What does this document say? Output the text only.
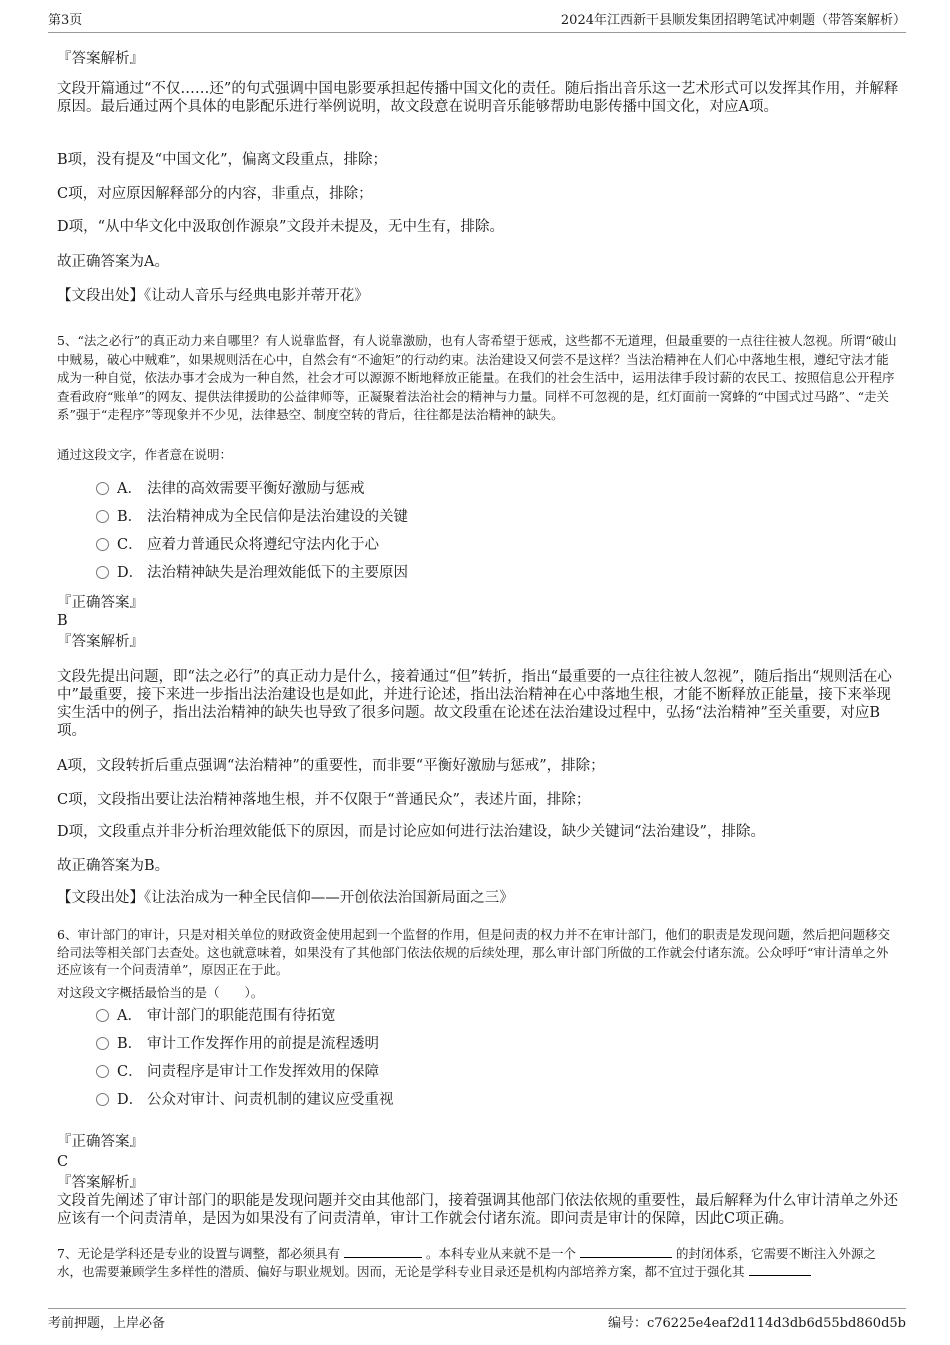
第3页	2024年江西新干县顺发集团招聘笔试冲刺题（带答案解析）
『答案解析』
文段开篇通过“不仅……还”的句式强调中国电影要承担起传播中国文化的责任。随后指出音乐这一艺术形式可以发挥其作用，并解释原因。最后通过两个具体的电影配乐进行举例说明，故文段意在说明音乐能够帮助电影传播中国文化，对应A项。
B项，没有提及“中国文化”，偏离文段重点，排除；
C项，对应原因解释部分的内容，非重点，排除；
D项，“从中华文化中汲取创作源泉”文段并未提及，无中生有，排除。
故正确答案为A。
【文段出处】《让动人音乐与经典电影并蒂开花》
5、“法之必行”的真正动力来自哪里？有人说靠监督，有人说靠激励，也有人寄希望于惩戒，这些都不无道理，但最重要的一点往往被人忽视。所谓“破山中贼易，破心中贼难”，如果规则活在心中，自然会有“不逾矩”的行动约束。法治建设又何尝不是这样？当法治精神在人们心中落地生根，遵纪守法才能成为一种自觉，依法办事才会成为一种自然，社会才可以源源不断地释放正能量。在我们的社会生活中，运用法律手段讨薪的农民工、按照信息公开程序查看政府“账单”的网友、提供法律援助的公益律师等，正凝聚着法治社会的精神与力量。同样不可忽视的是，红灯面前一窝蜂的“中国式过马路”、“走关系”强于“走程序”等现象并不少见，法律悬空、制度空转的背后，往往都是法治精神的缺失。
通过这段文字，作者意在说明：
A． 法律的高效需要平衡好激励与惩戒
B． 法治精神成为全民信仰是法治建设的关键
C． 应着力普通民众将遵纪守法内化于心
D． 法治精神缺失是治理效能低下的主要原因
『正确答案』
B
『答案解析』
文段先提出问题，即“法之必行”的真正动力是什么，接着通过“但”转折，指出“最重要的一点往往被人忽视”，随后指出“规则活在心中”最重要，接下来进一步指出法治建设也是如此，并进行论述，指出法治精神在心中落地生根，才能不断释放正能量，接下来举现实生活中的例子，指出法治精神的缺失也导致了很多问题。故文段重在论述在法治建设过程中，弘扬“法治精神”至关重要，对应B项。
A项，文段转折后重点强调“法治精神”的重要性，而非要“平衡好激励与惩戒”，排除；
C项，文段指出要让法治精神落地生根，并不仅限于“普通民众”，表述片面，排除；
D项，文段重点并非分析治理效能低下的原因，而是讨论应如何进行法治建设，缺少关键词“法治建设”，排除。
故正确答案为B。
【文段出处】《让法治成为一种全民信仰——开创依法治国新局面之三》
6、审计部门的审计，只是对相关单位的财政资金使用起到一个监督的作用，但是问责的权力并不在审计部门，他们的职责是发现问题，然后把问题移交给司法等相关部门去查处。这也就意味着，如果没有了其他部门依法依规的后续处理，那么审计部门所做的工作就会付诸东流。公众呼吁“审计清单之外还应该有一个问责清单”，原因正在于此。
对这段文字概括最恰当的是（　　）。
A． 审计部门的职能范围有待拓宽
B． 审计工作发挥作用的前提是流程透明
C． 问责程序是审计工作发挥效用的保障
D． 公众对审计、问责机制的建议应受重视
『正确答案』
C
『答案解析』
文段首先阐述了审计部门的职能是发现问题并交由其他部门，接着强调其他部门依法依规的重要性，最后解释为什么审计清单之外还应该有一个问责清单，是因为如果没有了问责清单，审计工作就会付诸东流。即问责是审计的保障，因此C项正确。
7、无论是学科还是专业的设置与调整，都必须具有	。本科专业从来就不是一个	的封闭体系，它需要不断注入外源之水，也需要兼顾学生多样性的潜质、偏好与职业规划。因而，无论是学科专业目录还是机构内部培养方案，都不宜过于强化其
考前押题，上岸必备	编号：c76225e4eaf2d114d3db6d55bd860d5b
